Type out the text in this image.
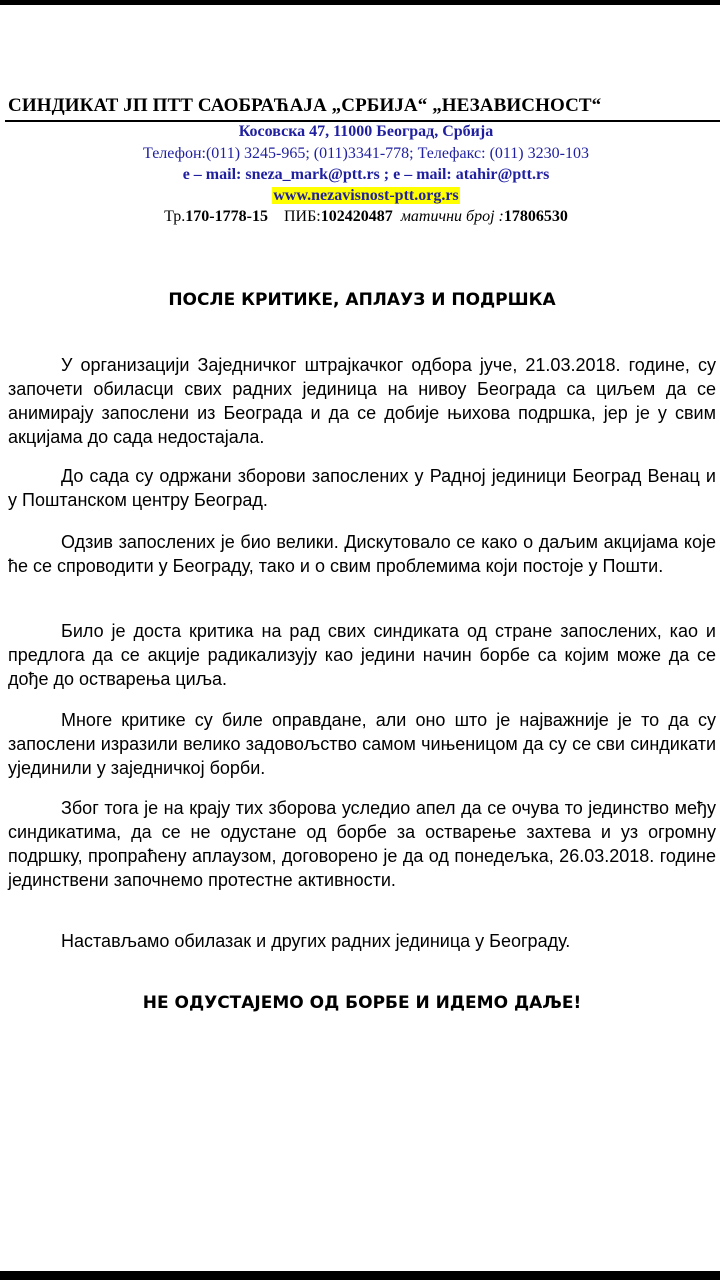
СИНДИКАТ ЈП ПТТ САОБРАЋАЈА „СРБИЈА“ „НЕЗАВИСНОСТ“
Косовска 47, 11000 Београд, Србија
Телефон:(011) 3245-965; (011)3341-778; Телефакс: (011) 3230-103
e – mail: sneza_mark@ptt.rs ; e – mail: atahir@ptt.rs
www.nezavisnost-ptt.org.rs
Тр.170-1778-15 ПИБ:102420487 матични број :17806530
ПОСЛЕ КРИТИКЕ, АПЛАУЗ И ПОДРШКА

У организацији Заједничког штрајкачког одбора јуче, 21.03.2018. године, су започети обиласци свих радних јединица на нивоу Београда са циљем да се анимирају запослени из Београда и да се добије њихова подршка, јер је у свим акцијама до сада недостајала.

До сада су одржани зборови запослених у Радној јединици Београд Венац и у Поштанском центру Београд.

Одзив запослених је био велики. Дискутовало се како о даљим акцијама које ће се спроводити у Београду, тако и о свим проблемима који постоје у Пошти.

Било је доста критика на рад свих синдиката од стране запослених, као и предлога да се акције радикализују као једини начин борбе са којим може да се дође до остварења циља.

Многе критике су биле оправдане, али оно што је најважније је то да су запослени изразили велико задовољство самом чињеницом да су се сви синдикати ујединили у заједничкој борби.

Због тога је на крају тих зборова уследио апел да се очува то јединство међу синдикатима, да се не одустане од борбе за остварење захтева и уз огромну подршку, пропраћену аплаузом, договорено је да од понедељка, 26.03.2018. године јединствени започнемо протестне активности.

Настављамо обилазак и других радних јединица у Београду.

НЕ ОДУСТАЈЕМО ОД БОРБЕ И ИДЕМО ДАЉЕ!
